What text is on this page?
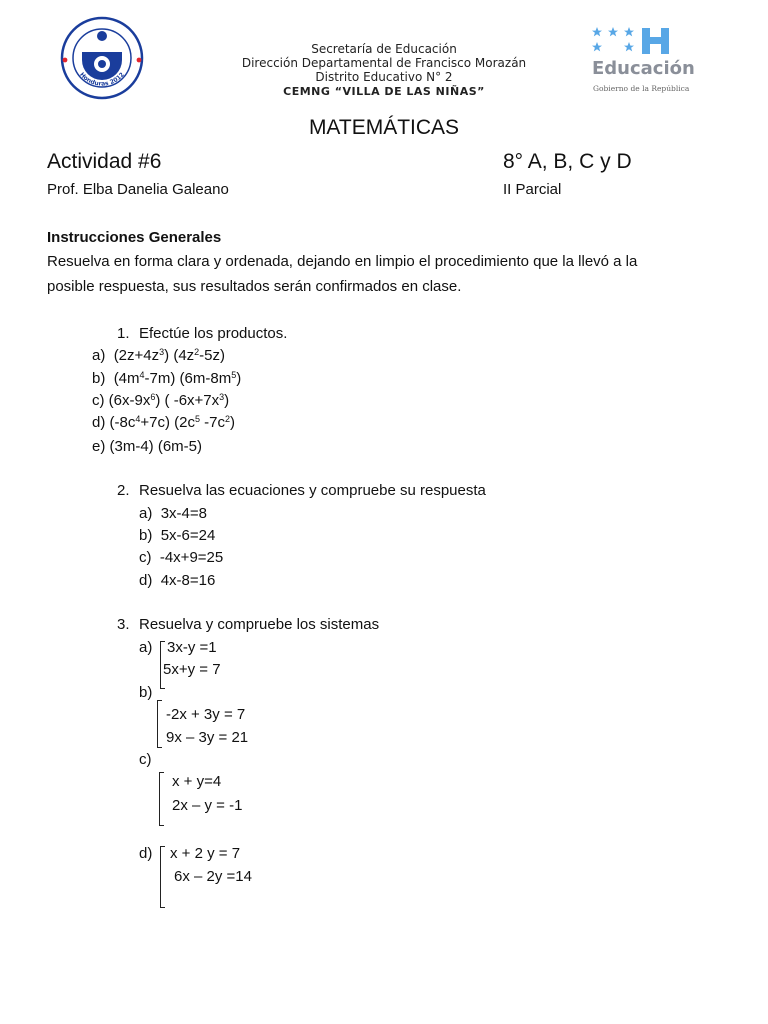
Honduras 2012
Secretaría de Educación
Dirección Departamental de Francisco Morazán
Distrito Educativo N° 2
CEMNG “VILLA DE LAS NIÑAS”
Educación
Gobierno de la República
MATEMÁTICAS
Actividad #6	8° A, B, C y D
Prof. Elba Danelia Galeano	II Parcial
Instrucciones Generales
Resuelva en forma clara y ordenada, dejando en limpio el procedimiento que la llevó a la
posible respuesta, sus resultados serán confirmados en clase.
1. Efectúe los productos.
a) $(2z+4z^3)$ $(4z^2-5z)$
b) $(4m^4-7m)$ $(6m-8m^5)$
c) $(6x-9x^6)$ ( $-6x+7x^3$)
d) $(-8c^4+7c)$ ($2c^5$ $-7c^2$)
e) (3m-4) (6m-5)
2. Resuelva las ecuaciones y compruebe su respuesta
a) 3x-4=8
b) 5x-6=24
c) -4x+9=25
d) 4x-8=16
3. Resuelva y compruebe los sistemas
a) 3x-y =1
5x+y = 7
b)
-2x + 3y = 7
9x – 3y = 21
c)
x + y=4
2x – y = -1
d) x + 2 y = 7
6x – 2y =14
